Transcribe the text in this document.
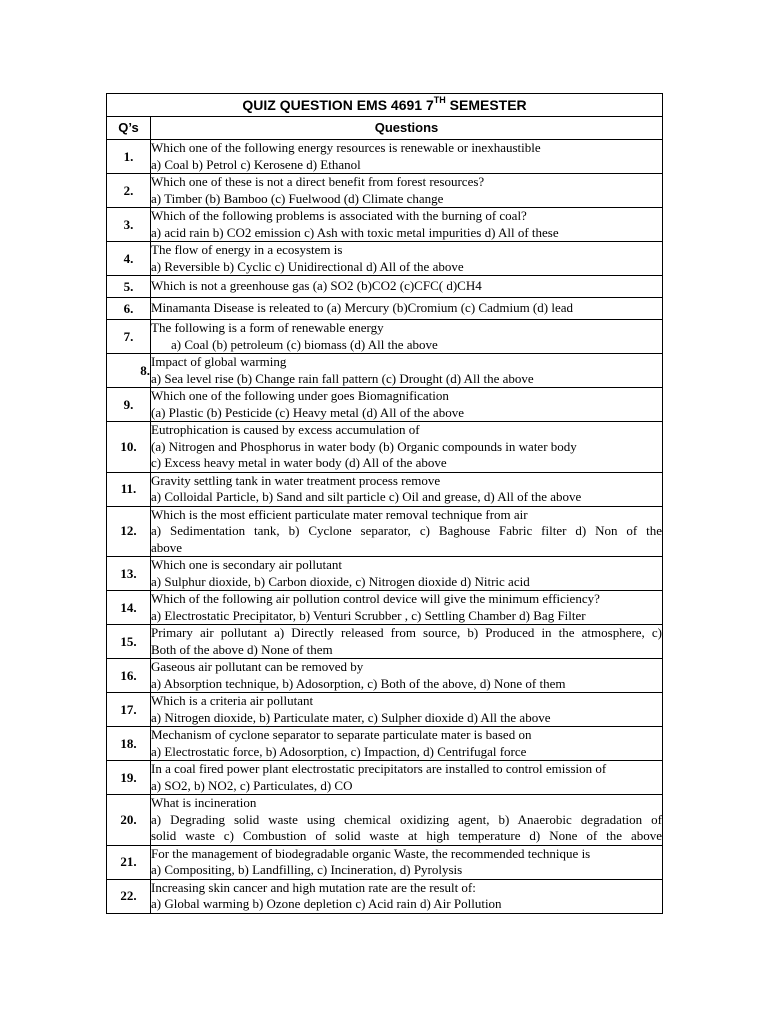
QUIZ QUESTION EMS 4691 7TH SEMESTER	
Q’s	Questions
1.	Which one of the following energy resources is renewable or inexhaustible
a) Coal b) Petrol c) Kerosene d) Ethanol

2.	Which one of these is not a direct benefit from forest resources?
a) Timber (b) Bamboo (c) Fuelwood (d) Climate change

3.	Which of the following problems is associated with the burning of coal?
a) acid rain b) CO2 emission c) Ash with toxic metal impurities d) All of these

4.	The flow of energy in a ecosystem is
a) Reversible b) Cyclic c) Unidirectional d) All of the above

5.	Which is not a greenhouse gas (a) SO2 (b)CO2 (c)CFC( d)CH4

6.	Minamanta Disease is releated to (a) Mercury (b)Cromium (c) Cadmium (d) lead

7.	The following is a form of renewable energy
a) Coal (b) petroleum (c) biomass (d) All the above

8.	Impact of global warming
a) Sea level rise (b) Change rain fall pattern (c) Drought (d) All the above

9.	Which one of the following under goes Biomagnification
(a) Plastic (b) Pesticide (c) Heavy metal (d) All of the above

10.	Eutrophication is caused by excess accumulation of
(a) Nitrogen and Phosphorus in water body (b) Organic compounds in water body
c) Excess heavy metal in water body (d) All of the above

11.	Gravity settling tank in water treatment process remove
a) Colloidal Particle, b) Sand and silt particle c) Oil and grease, d) All of the above

12.	Which is the most efficient particulate mater removal technique from air
a) Sedimentation tank, b) Cyclone separator, c) Baghouse Fabric filter d) Non of the
above

13.	Which one is secondary air pollutant
a) Sulphur dioxide, b) Carbon dioxide, c) Nitrogen dioxide d) Nitric acid

14.	Which of the following air pollution control device will give the minimum efficiency?
a) Electrostatic Precipitator, b) Venturi Scrubber , c) Settling Chamber d) Bag Filter

15.	Primary air pollutant a) Directly released from source, b) Produced in the atmosphere, c)
Both of the above d) None of them

16.	Gaseous air pollutant can be removed by
a) Absorption technique, b) Adosorption, c) Both of the above, d) None of them

17.	Which is a criteria air pollutant
a) Nitrogen dioxide, b) Particulate mater, c) Sulpher dioxide d) All the above

18.	Mechanism of cyclone separator to separate particulate mater is based on
a) Electrostatic force, b) Adosorption, c) Impaction, d) Centrifugal force

19.	In a coal fired power plant electrostatic precipitators are installed to control emission of
a) SO2, b) NO2, c) Particulates, d) CO

20.	What is incineration
a) Degrading solid waste using chemical oxidizing agent, b) Anaerobic degradation of
solid waste c) Combustion of solid waste at high temperature d) None of the above

21.	For the management of biodegradable organic Waste, the recommended technique is
a) Compositing, b) Landfilling, c) Incineration, d) Pyrolysis

22.	Increasing skin cancer and high mutation rate are the result of:
a) Global warming b) Ozone depletion c) Acid rain d) Air Pollution
